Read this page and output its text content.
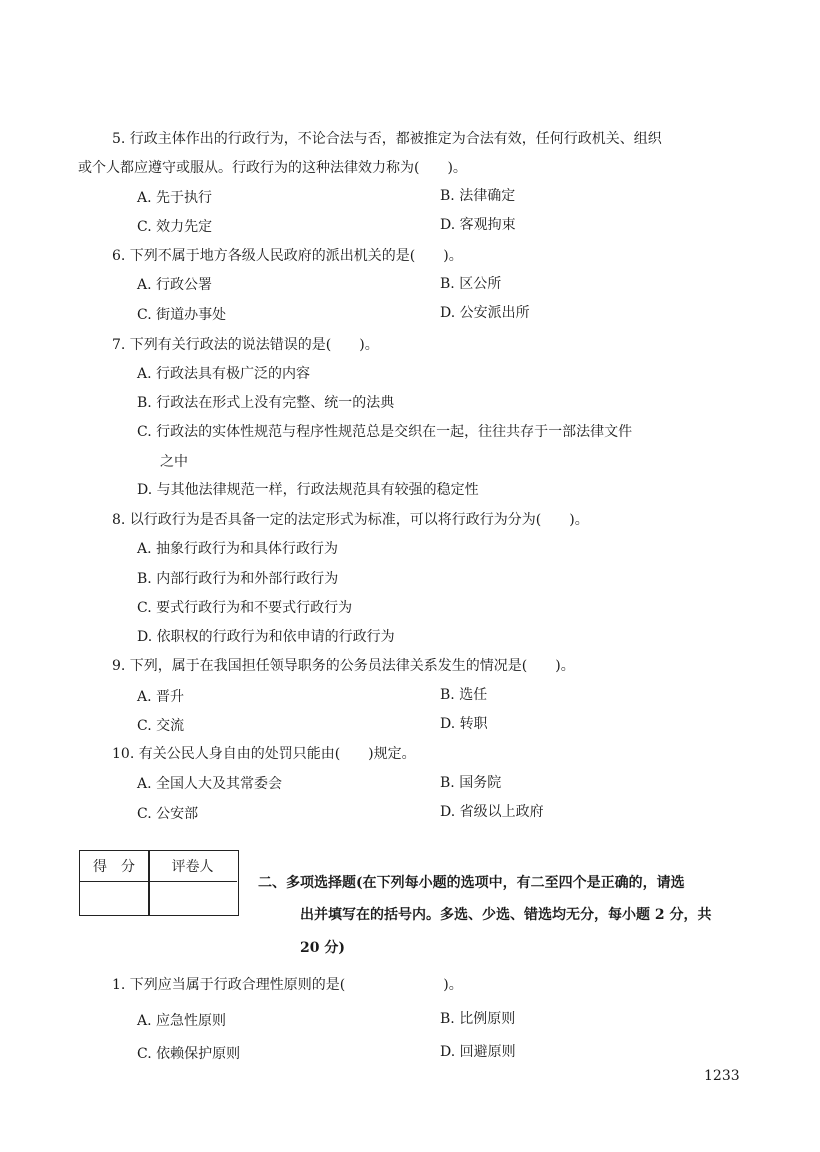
5. 行政主体作出的行政行为，不论合法与否，都被推定为合法有效，任何行政机关、组织
或个人都应遵守或服从。行政行为的这种法律效力称为(　　)。
A. 先于执行	B. 法律确定
C. 效力先定	D. 客观拘束
6. 下列不属于地方各级人民政府的派出机关的是(　　)。
A. 行政公署	B. 区公所
C. 街道办事处	D. 公安派出所
7. 下列有关行政法的说法错误的是(　　)。
A. 行政法具有极广泛的内容
B. 行政法在形式上没有完整、统一的法典
C. 行政法的实体性规范与程序性规范总是交织在一起，往往共存于一部法律文件
之中
D. 与其他法律规范一样，行政法规范具有较强的稳定性
8. 以行政行为是否具备一定的法定形式为标准，可以将行政行为分为(　　)。
A. 抽象行政行为和具体行政行为
B. 内部行政行为和外部行政行为
C. 要式行政行为和不要式行政行为
D. 依职权的行政行为和依申请的行政行为
9. 下列，属于在我国担任领导职务的公务员法律关系发生的情况是(　　)。
A. 晋升	B. 选任
C. 交流	D. 转职
10. 有关公民人身自由的处罚只能由(　　)规定。
A. 全国人大及其常委会	B. 国务院
C. 公安部	D. 省级以上政府
得　分	评卷人
二、多项选择题(在下列每小题的选项中，有二至四个是正确的，请选
出并填写在的括号内。多选、少选、错选均无分，每小题 2 分，共
20 分)
1. 下列应当属于行政合理性原则的是(　　　　　　　)。
A. 应急性原则	B. 比例原则
C. 依赖保护原则	D. 回避原则
1233
